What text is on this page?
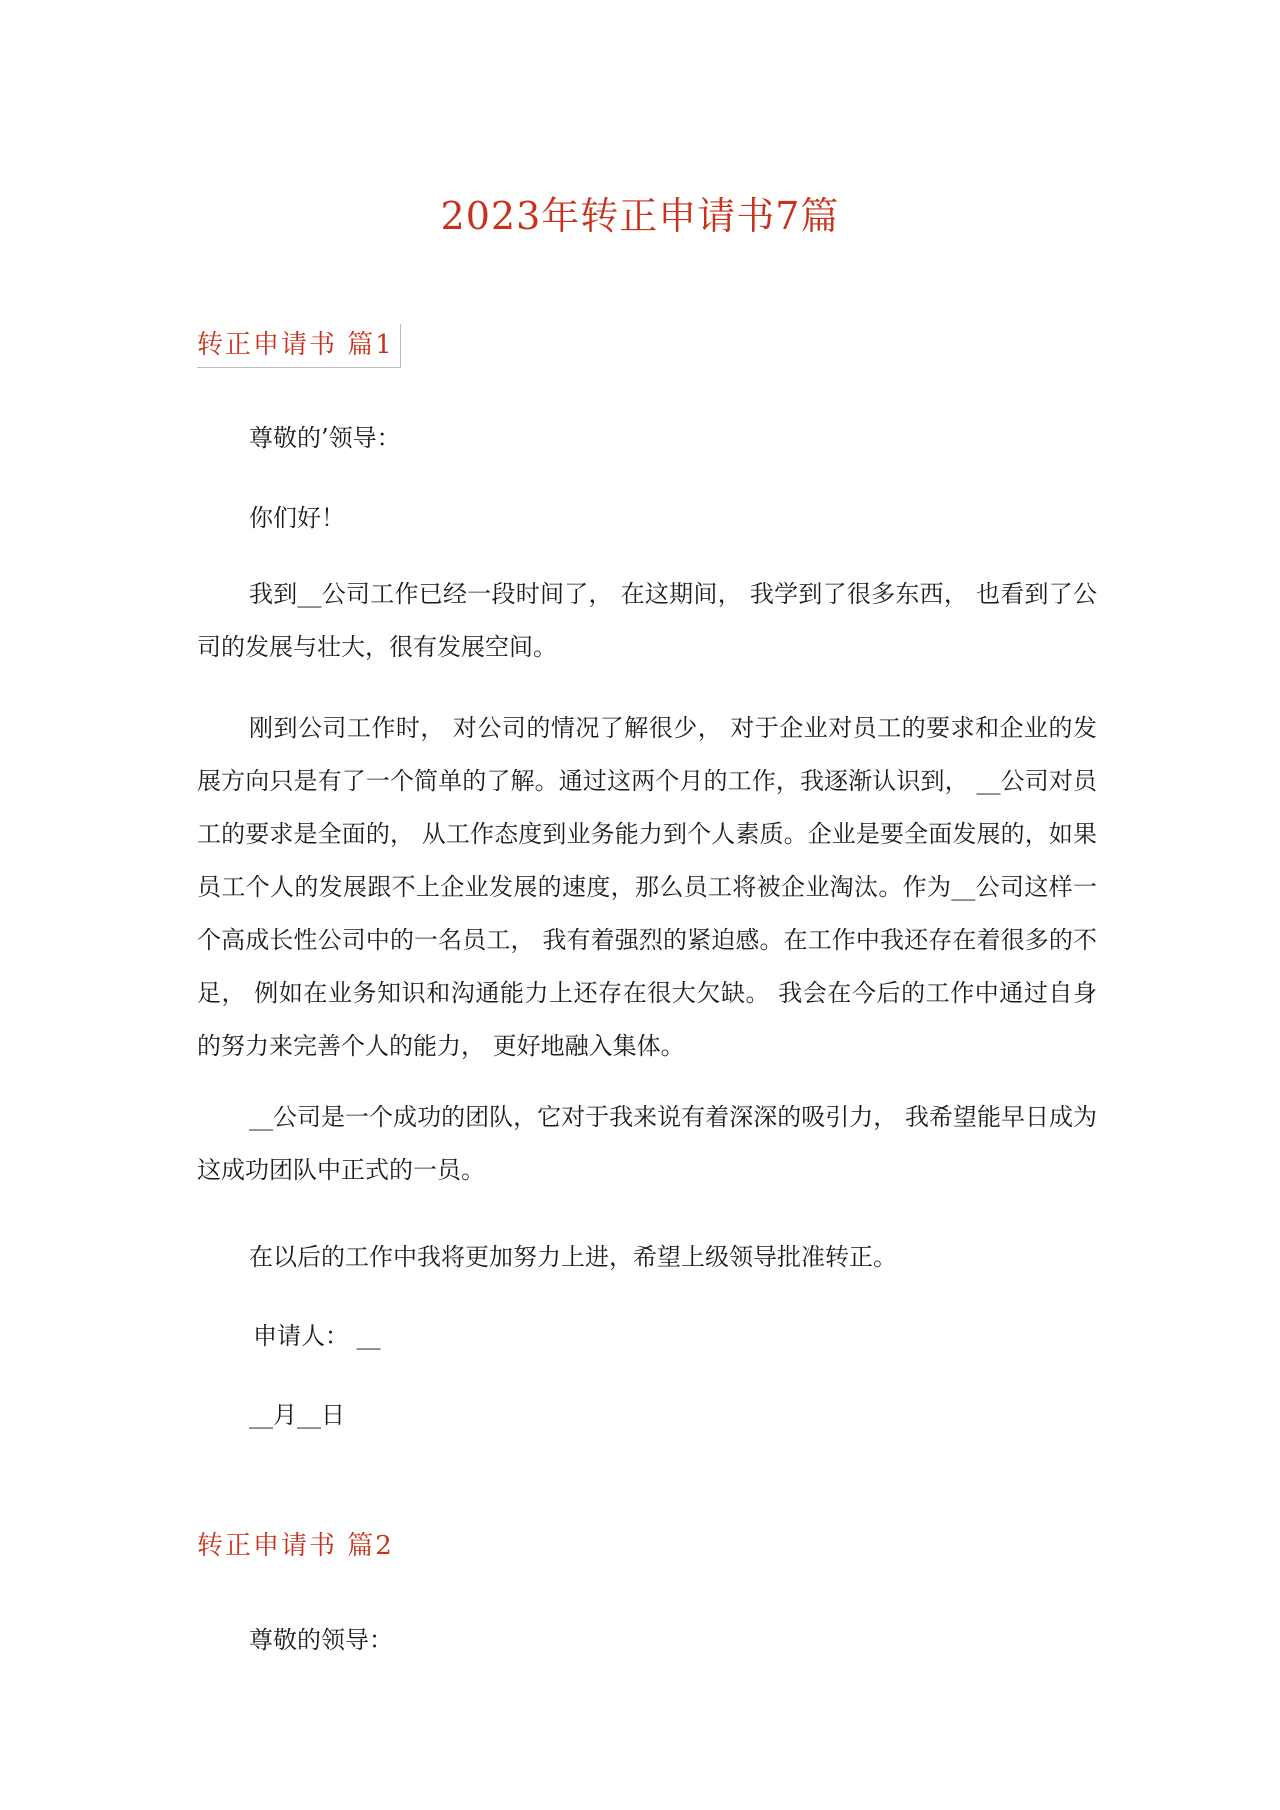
2023年转正申请书7篇
转正申请书 篇1
尊敬的’领导：
你们好！
我到__公司工作已经一段时间了， 在这期间， 我学到了很多东西， 也看到了公司的发展与壮大，很有发展空间。
刚到公司工作时， 对公司的情况了解很少， 对于企业对员工的要求和企业的发展方向只是有了一个简单的了解。通过这两个月的工作，我逐渐认识到， __公司对员工的要求是全面的， 从工作态度到业务能力到个人素质。企业是要全面发展的，如果员工个人的发展跟不上企业发展的速度，那么员工将被企业淘汰。作为__公司这样一个高成长性公司中的一名员工， 我有着强烈的紧迫感。在工作中我还存在着很多的不足， 例如在业务知识和沟通能力上还存在很大欠缺。 我会在今后的工作中通过自身的努力来完善个人的能力， 更好地融入集体。
__公司是一个成功的团队，它对于我来说有着深深的吸引力， 我希望能早日成为这成功团队中正式的一员。
在以后的工作中我将更加努力上进，希望上级领导批准转正。
申请人： __
__月__日
转正申请书 篇2
尊敬的领导：
